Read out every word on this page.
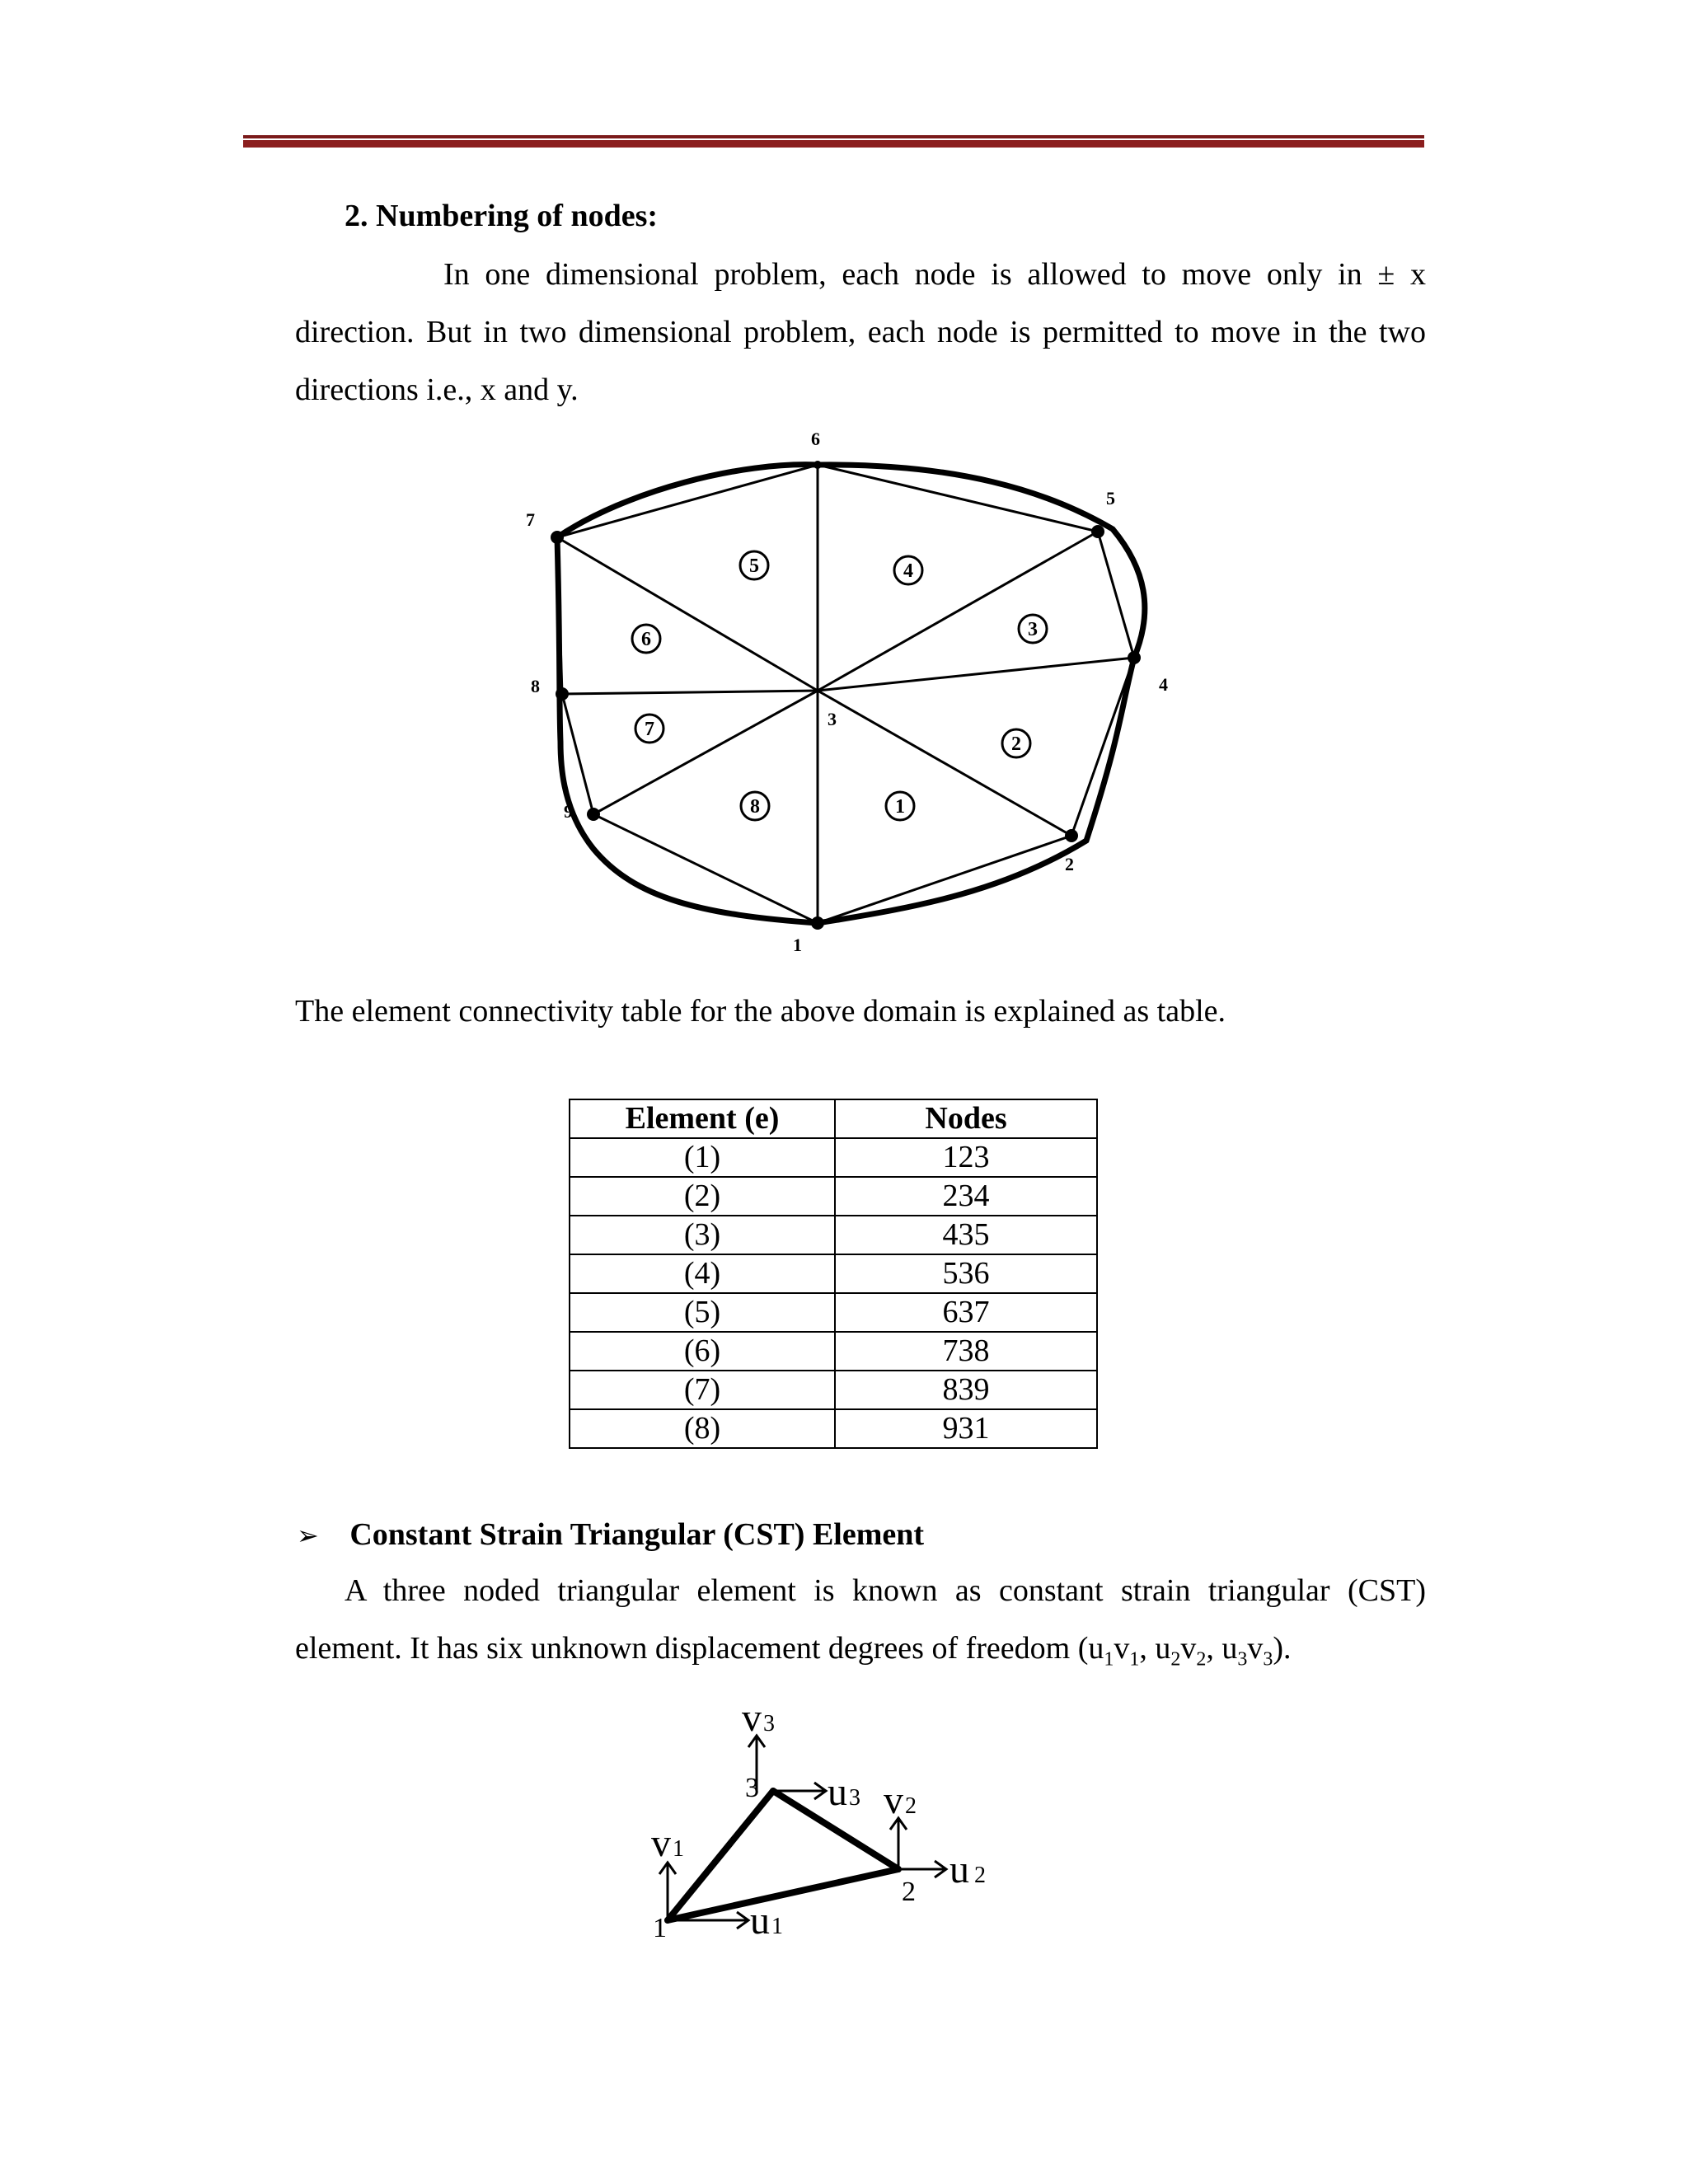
2. Numbering of nodes:
In one dimensional problem, each node is allowed to move only in ± x
direction. But in two dimensional problem, each node is permitted to move in the two
directions i.e., x and y.
1
2
3
4
5
6
7
8
9	1
2
3
4
5
6
7
8
The element connectivity table for the above domain is explained as table.
Element (e)	Nodes
(1)	123
(2)	234
(3)	435
(4)	536
(5)	637
(6)	738
(7)	839
(8)	931
➢ Constant Strain Triangular (CST) Element
A three noded triangular element is known as constant strain triangular (CST)
element. It has six unknown displacement degrees of freedom ($u_1v_1$, $u_2v_2$, $u_3v_3$).
1
2
3
u1
v1
u3
v3
u 2
v2
